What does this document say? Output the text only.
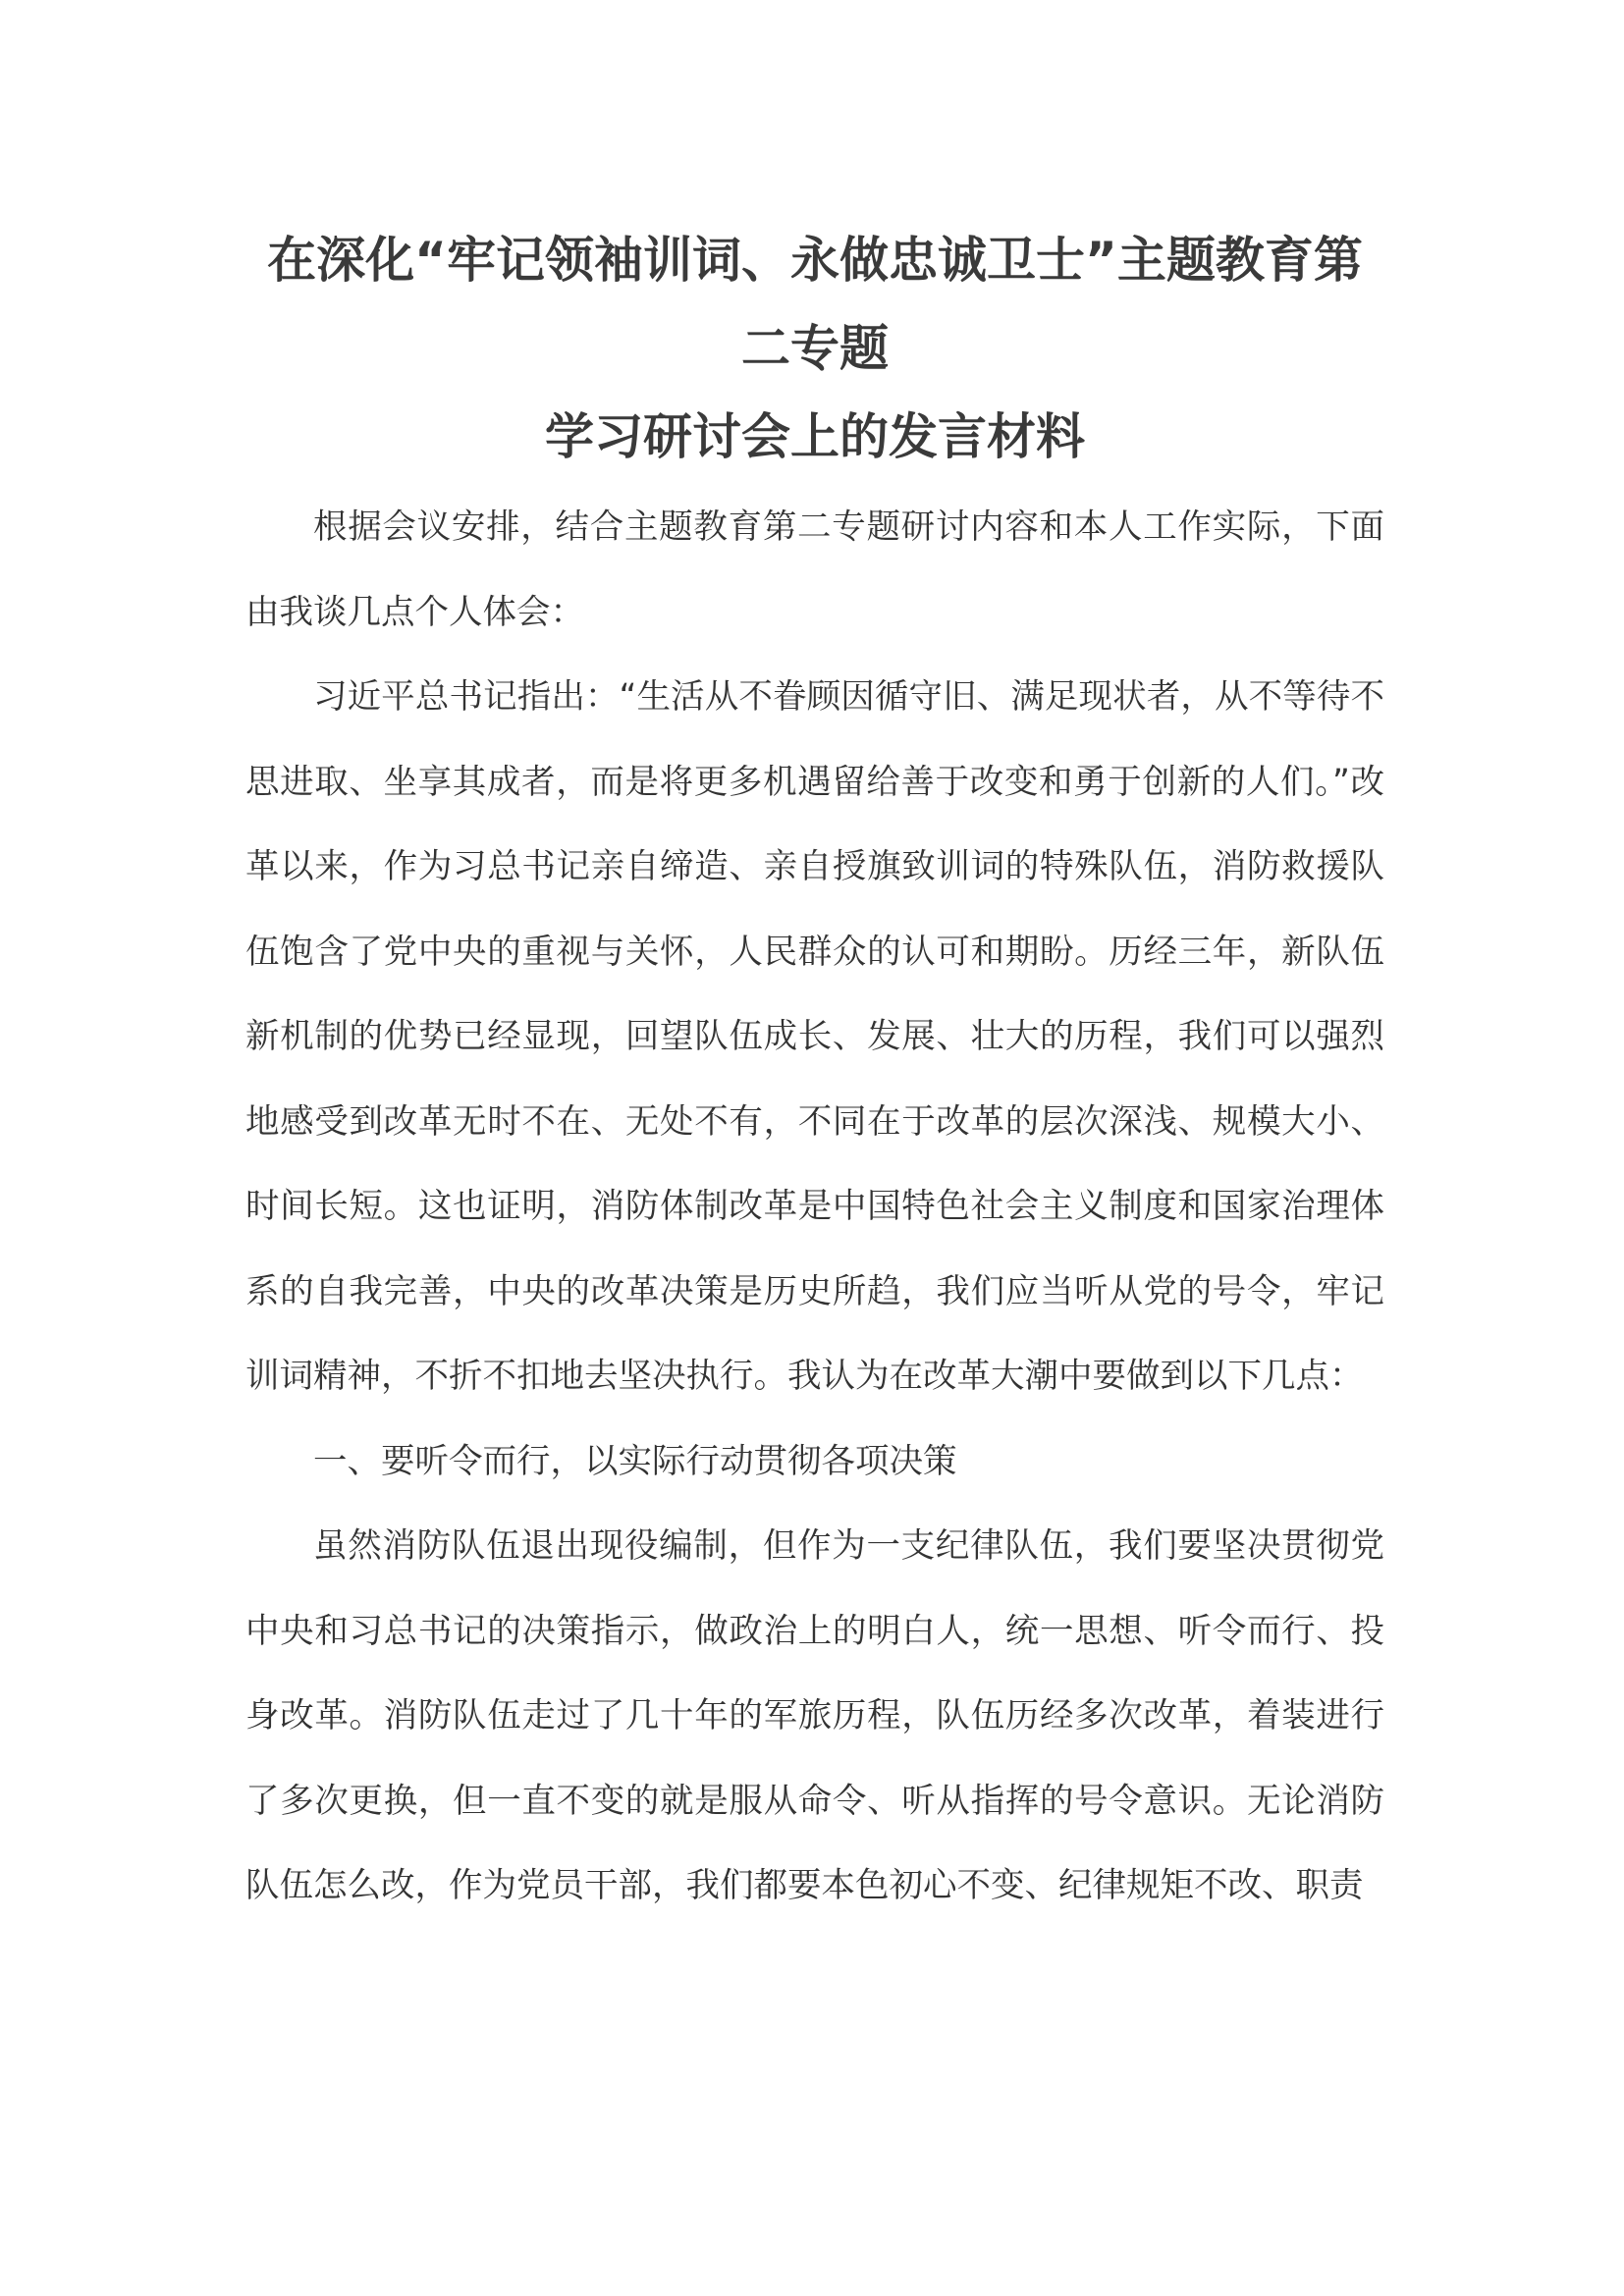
在深化“牢记领袖训词、永做忠诚卫士”主题教育第二专题
学习研讨会上的发言材料

根据会议安排，结合主题教育第二专题研讨内容和本人工作实际，下面由我谈几点个人体会：

习近平总书记指出：“生活从不眷顾因循守旧、满足现状者，从不等待不思进取、坐享其成者，而是将更多机遇留给善于改变和勇于创新的人们。”改革以来，作为习总书记亲自缔造、亲自授旗致训词的特殊队伍，消防救援队伍饱含了党中央的重视与关怀，人民群众的认可和期盼。历经三年，新队伍新机制的优势已经显现，回望队伍成长、发展、壮大的历程，我们可以强烈地感受到改革无时不在、无处不有，不同在于改革的层次深浅、规模大小、时间长短。这也证明，消防体制改革是中国特色社会主义制度和国家治理体系的自我完善，中央的改革决策是历史所趋，我们应当听从党的号令，牢记训词精神，不折不扣地去坚决执行。我认为在改革大潮中要做到以下几点：

一、要听令而行，以实际行动贯彻各项决策

虽然消防队伍退出现役编制，但作为一支纪律队伍，我们要坚决贯彻党中央和习总书记的决策指示，做政治上的明白人，统一思想、听令而行、投身改革。消防队伍走过了几十年的军旅历程，队伍历经多次改革，着装进行了多次更换，但一直不变的就是服从命令、听从指挥的号令意识。无论消防队伍怎么改，作为党员干部，我们都要本色初心不变、纪律规矩不改、职责
